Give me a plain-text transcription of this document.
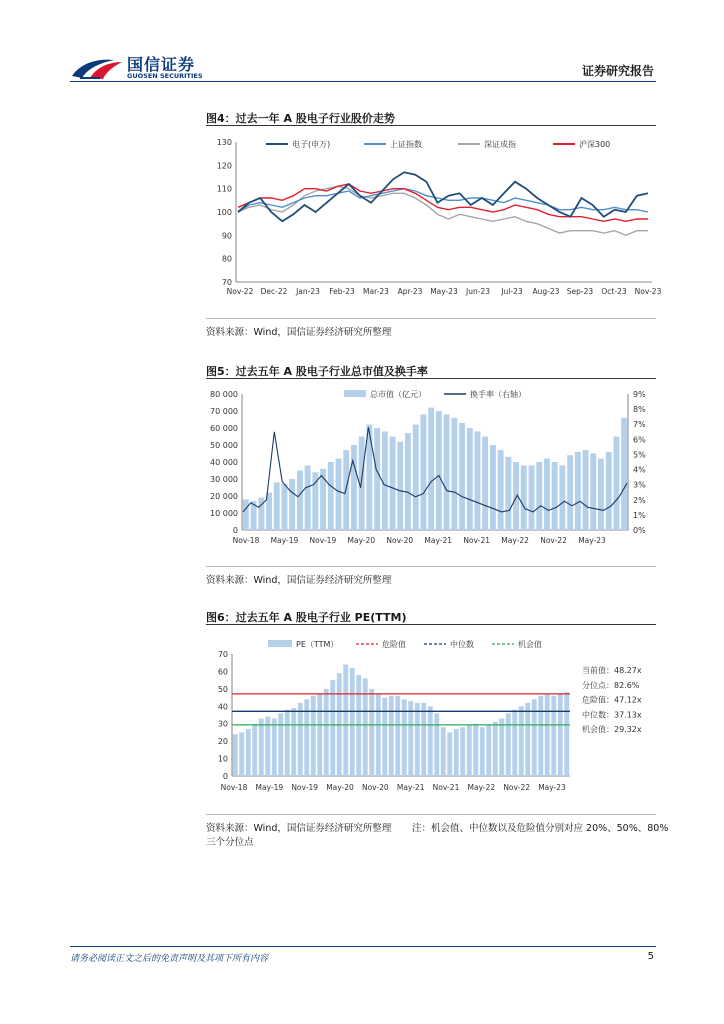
国信证券
GUOSEN SECURITIES	证券研究报告
图4：过去一年 A 股电子行业股价走势
70
80
90
100
110
120
130
Nov-22 Dec-22 Jan-23 Feb-23 Mar-23 Apr-23 May-23 Jun-23 Jul-23 Aug-23 Sep-23 Oct-23 Nov-23
电子(申万)	上证指数	深证成指	沪深300
资料来源：Wind，国信证券经济研究所整理
图5：过去五年 A 股电子行业总市值及换手率
0
10 000
20 000
30 000
40 000
50 000
60 000
70 000
80 000
0%
1%
2%
3%
4%
5%
6%
7%
8%
9%
Nov-18 May-19 Nov-19 May-20 Nov-20 May-21 Nov-21 May-22 Nov-22 May-23
总市值（亿元）	换手率（右轴）
资料来源：Wind，国信证券经济研究所整理
图6：过去五年 A 股电子行业 PE(TTM)
0
10
20
30
40
50
60
70
Nov-18 May-19 Nov-19 May-20 Nov-20 May-21 Nov-21 May-22 Nov-22 May-23
PE（TTM）	危险值	中位数	机会值
当前值：48.27x
分位点：82.6%
危险值：47.12x
中位数：37.13x
机会值：29.32x
资料来源：Wind，国信证券经济研究所整理 注：机会值、中位数以及危险值分别对应 20%、50%、80%
三个分位点
请务必阅读正文之后的免责声明及其项下所有内容	5
